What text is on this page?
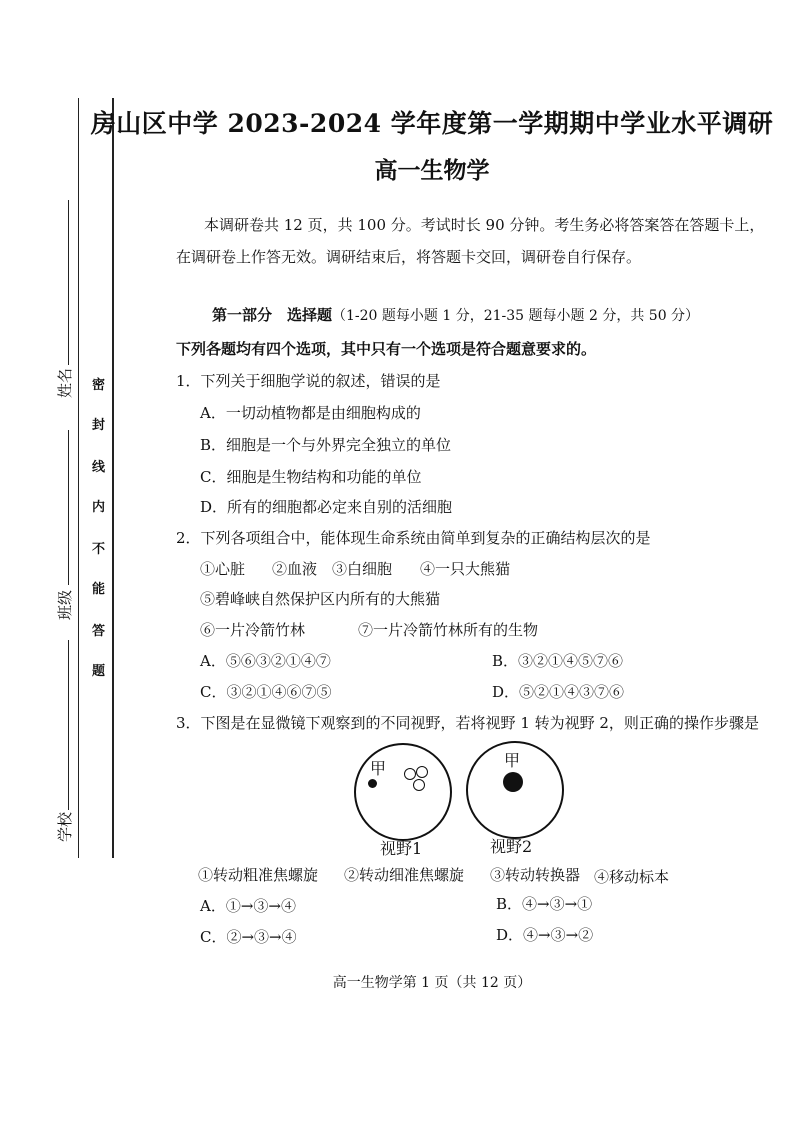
姓名
班级
学校
密
封
线
内
不
能
答
题
房山区中学 2023-2024 学年度第一学期期中学业水平调研
高一生物学
本调研卷共 12 页，共 100 分。考试时长 90 分钟。考生务必将答案答在答题卡上，
在调研卷上作答无效。调研结束后，将答题卡交回，调研卷自行保存。
第一部分　选择题（1-20 题每小题 1 分，21-35 题每小题 2 分，共 50 分）
下列各题均有四个选项，其中只有一个选项是符合题意要求的。
1．下列关于细胞学说的叙述，错误的是
A．一切动植物都是由细胞构成的
B．细胞是一个与外界完全独立的单位
C．细胞是生物结构和功能的单位
D．所有的细胞都必定来自别的活细胞
2．下列各项组合中，能体现生命系统由简单到复杂的正确结构层次的是
①心脏 ②血液 ③白细胞 ④一只大熊猫
⑤碧峰峡自然保护区内所有的大熊猫
⑥一片冷箭竹林	⑦一片冷箭竹林所有的生物
A．⑤⑥③②①④⑦	B．③②①④⑤⑦⑥
C．③②①④⑥⑦⑤	D．⑤②①④③⑦⑥
3．下图是在显微镜下观察到的不同视野，若将视野 1 转为视野 2，则正确的操作步骤是
甲	甲
视野1	视野2
①转动粗准焦螺旋 ②转动细准焦螺旋 ③转动转换器 ④移动标本
A．①→③→④	B．④→③→①
C．②→③→④	D．④→③→②
高一生物学第 1 页（共 12 页）
